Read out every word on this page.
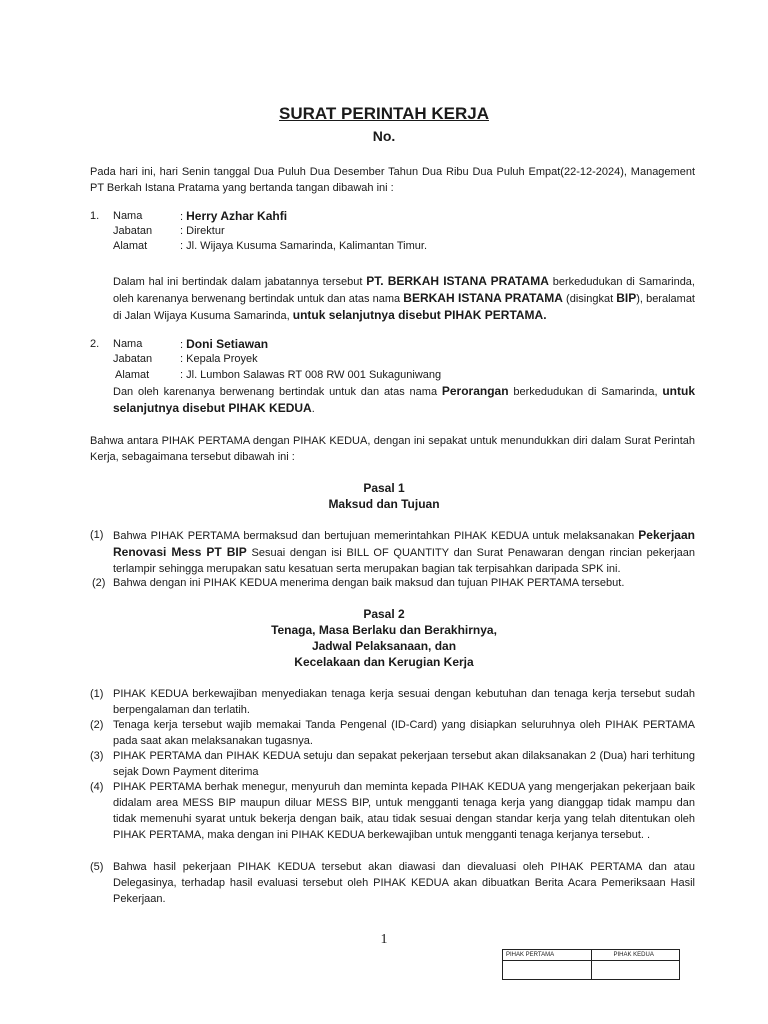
SURAT PERINTAH KERJA
No.
Pada hari ini, hari Senin tanggal Dua Puluh Dua Desember Tahun Dua Ribu Dua Puluh Empat(22-12-2024), Management PT Berkah Istana Pratama yang bertanda tangan dibawah ini :
1. Nama	: Herry Azhar Kahfi
Jabatan	: Direktur
Alamat	: Jl. Wijaya Kusuma Samarinda, Kalimantan Timur.
Dalam hal ini bertindak dalam jabatannya tersebut PT. BERKAH ISTANA PRATAMA berkedudukan di Samarinda, oleh karenanya berwenang bertindak untuk dan atas nama BERKAH ISTANA PRATAMA (disingkat BIP), beralamat di Jalan Wijaya Kusuma Samarinda, untuk selanjutnya disebut PIHAK PERTAMA.
2. Nama	: Doni Setiawan
Jabatan	: Kepala Proyek
Alamat	: Jl. Lumbon Salawas RT 008 RW 001 Sukaguniwang
Dan oleh karenanya berwenang bertindak untuk dan atas nama Perorangan berkedudukan di Samarinda, untuk selanjutnya disebut PIHAK KEDUA.
Bahwa antara PIHAK PERTAMA dengan PIHAK KEDUA, dengan ini sepakat untuk menundukkan diri dalam Surat Perintah Kerja, sebagaimana tersebut dibawah ini :
Pasal 1
Maksud dan Tujuan
(1) Bahwa PIHAK PERTAMA bermaksud dan bertujuan memerintahkan PIHAK KEDUA untuk melaksanakan Pekerjaan Renovasi Mess PT BIP Sesuai dengan isi BILL OF QUANTITY dan Surat Penawaran dengan rincian pekerjaan terlampir sehingga merupakan satu kesatuan serta merupakan bagian tak terpisahkan daripada SPK ini.
(2) Bahwa dengan ini PIHAK KEDUA menerima dengan baik maksud dan tujuan PIHAK PERTAMA tersebut.
Pasal 2
Tenaga, Masa Berlaku dan Berakhirnya,
Jadwal Pelaksanaan, dan
Kecelakaan dan Kerugian Kerja
(1) PIHAK KEDUA berkewajiban menyediakan tenaga kerja sesuai dengan kebutuhan dan tenaga kerja tersebut sudah berpengalaman dan terlatih.
(2) Tenaga kerja tersebut wajib memakai Tanda Pengenal (ID-Card) yang disiapkan seluruhnya oleh PIHAK PERTAMA pada saat akan melaksanakan tugasnya.
(3) PIHAK PERTAMA dan PIHAK KEDUA setuju dan sepakat pekerjaan tersebut akan dilaksanakan 2 (Dua) hari terhitung sejak Down Payment diterima
(4) PIHAK PERTAMA berhak menegur, menyuruh dan meminta kepada PIHAK KEDUA yang mengerjakan pekerjaan baik didalam area MESS BIP maupun diluar MESS BIP, untuk mengganti tenaga kerja yang dianggap tidak mampu dan tidak memenuhi syarat untuk bekerja dengan baik, atau tidak sesuai dengan standar kerja yang telah ditentukan oleh PIHAK PERTAMA, maka dengan ini PIHAK KEDUA berkewajiban untuk mengganti tenaga kerjanya tersebut. .
(5) Bahwa hasil pekerjaan PIHAK KEDUA tersebut akan diawasi dan dievaluasi oleh PIHAK PERTAMA dan atau Delegasinya, terhadap hasil evaluasi tersebut oleh PIHAK KEDUA akan dibuatkan Berita Acara Pemeriksaan Hasil Pekerjaan.
1
PIHAK PERTAMA	PIHAK KEDUA
